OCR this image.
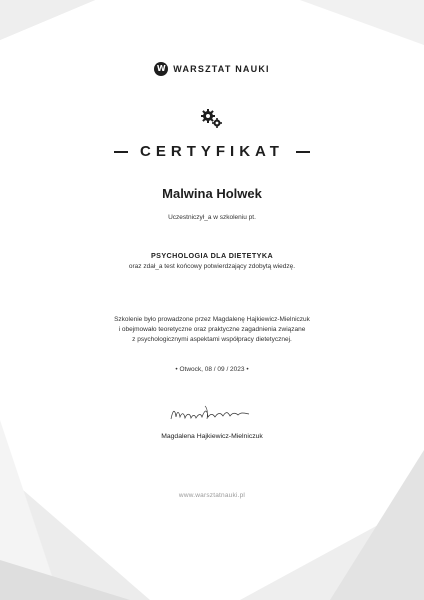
W WARSZTAT NAUKI
CERTYFIKAT
Malwina Holwek
Uczestniczył_a w szkoleniu pt.
PSYCHOLOGIA DLA DIETETYKA
oraz zdał_a test końcowy potwierdzający zdobytą wiedzę.
Szkolenie było prowadzone przez Magdalenę Hajkiewicz-Mielniczuk
i obejmowało teoretyczne oraz praktyczne zagadnienia związane
z psychologicznymi aspektami współpracy dietetycznej.
• Otwock, 08 / 09 / 2023 •
Magdalena Hajkiewicz-Mielniczuk
www.warsztatnauki.pl
